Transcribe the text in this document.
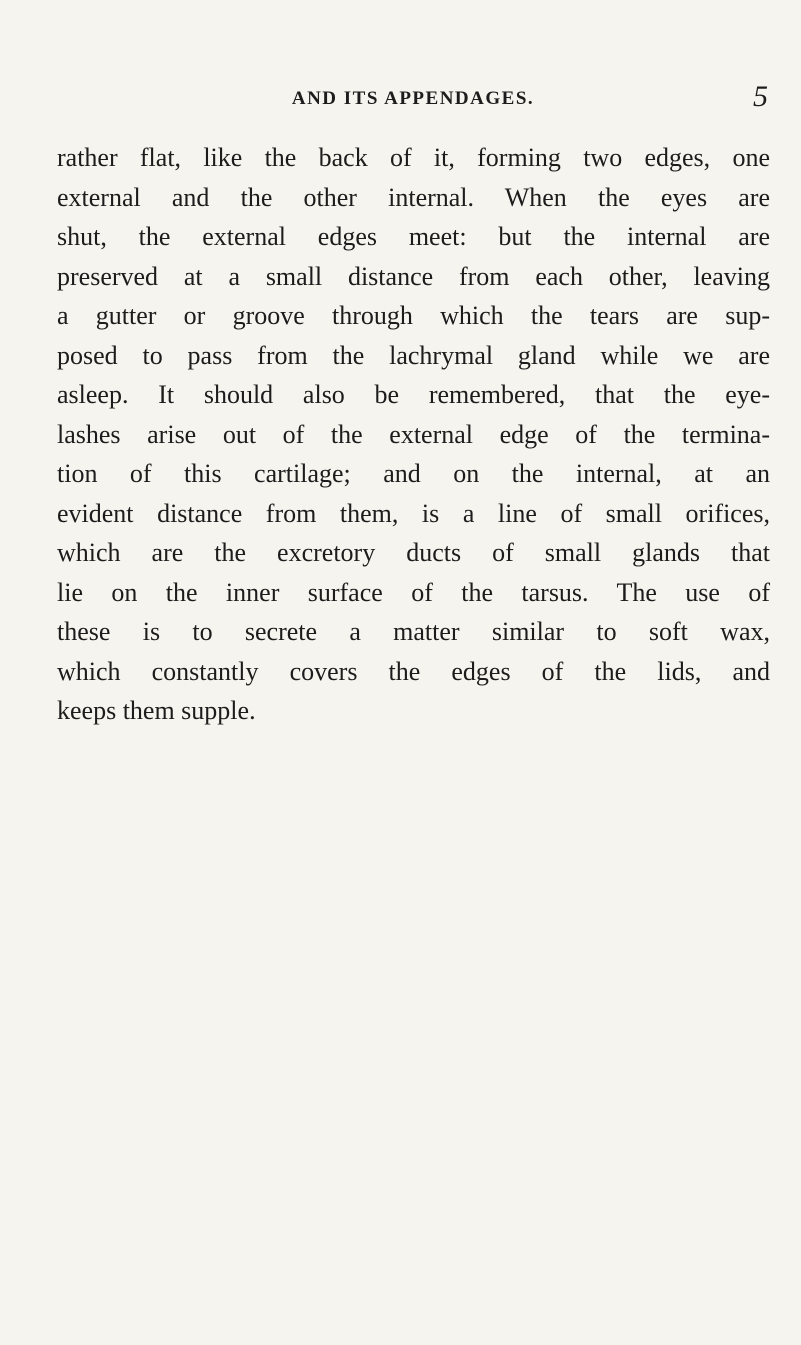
AND ITS APPENDAGES.	5
rather flat, like the back of it, forming two edges, one
external and the other internal. When the eyes are
shut, the external edges meet: but the internal are
preserved at a small distance from each other, leaving
a gutter or groove through which the tears are sup-
posed to pass from the lachrymal gland while we are
asleep. It should also be remembered, that the eye-
lashes arise out of the external edge of the termina-
tion of this cartilage; and on the internal, at an
evident distance from them, is a line of small orifices,
which are the excretory ducts of small glands that
lie on the inner surface of the tarsus. The use of
these is to secrete a matter similar to soft wax,
which constantly covers the edges of the lids, and
keeps them supple.
